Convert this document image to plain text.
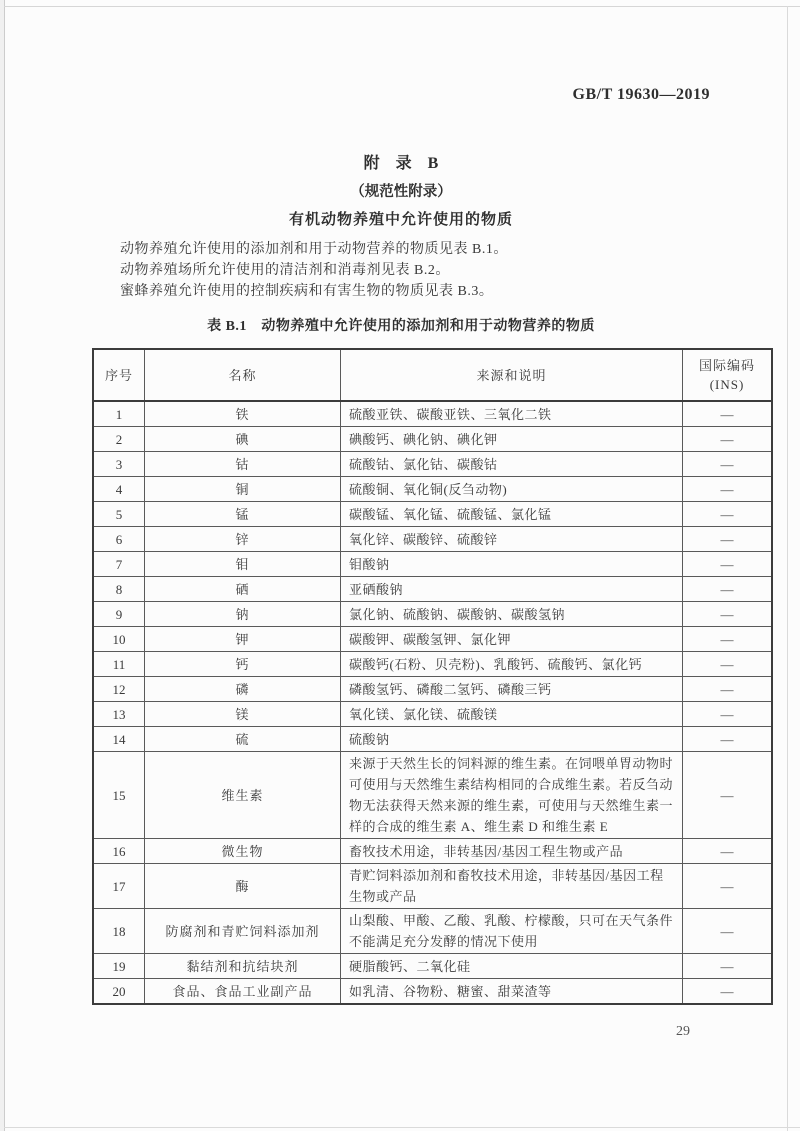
GB/T 19630—2019
附　录　B
（规范性附录）
有机动物养殖中允许使用的物质

动物养殖允许使用的添加剂和用于动物营养的物质见表 B.1。

动物养殖场所允许使用的清洁剂和消毒剂见表 B.2。

蜜蜂养殖允许使用的控制疾病和有害生物的物质见表 B.3。

表 B.1　动物养殖中允许使用的添加剂和用于动物营养的物质
序号	名称	来源和说明	国际编码
(INS)

1	铁	硫酸亚铁、碳酸亚铁、三氧化二铁	—
2	碘	碘酸钙、碘化钠、碘化钾	—
3	钴	硫酸钴、氯化钴、碳酸钴	—
4	铜	硫酸铜、氧化铜(反刍动物)	—
5	锰	碳酸锰、氧化锰、硫酸锰、氯化锰	—
6	锌	氧化锌、碳酸锌、硫酸锌	—
7	钼	钼酸钠	—
8	硒	亚硒酸钠	—
9	钠	氯化钠、硫酸钠、碳酸钠、碳酸氢钠	—
10	钾	碳酸钾、碳酸氢钾、氯化钾	—
11	钙	碳酸钙(石粉、贝壳粉)、乳酸钙、硫酸钙、氯化钙	—
12	磷	磷酸氢钙、磷酸二氢钙、磷酸三钙	—
13	镁	氧化镁、氯化镁、硫酸镁	—
14	硫	硫酸钠	—
15	维生素	来源于天然生长的饲料源的维生素。在饲喂单胃动物时可使用与天然维生素结构相同的合成维生素。若反刍动物无法获得天然来源的维生素，可使用与天然维生素一样的合成的维生素 A、维生素 D 和维生素 E	—
16	微生物	畜牧技术用途，非转基因/基因工程生物或产品	—
17	酶	青贮饲料添加剂和畜牧技术用途，非转基因/基因工程生物或产品	—
18	防腐剂和青贮饲料添加剂	山梨酸、甲酸、乙酸、乳酸、柠檬酸，只可在天气条件不能满足充分发酵的情况下使用	—
19	黏结剂和抗结块剂	硬脂酸钙、二氧化硅	—
20	食品、食品工业副产品	如乳清、谷物粉、糖蜜、甜菜渣等	—
29
